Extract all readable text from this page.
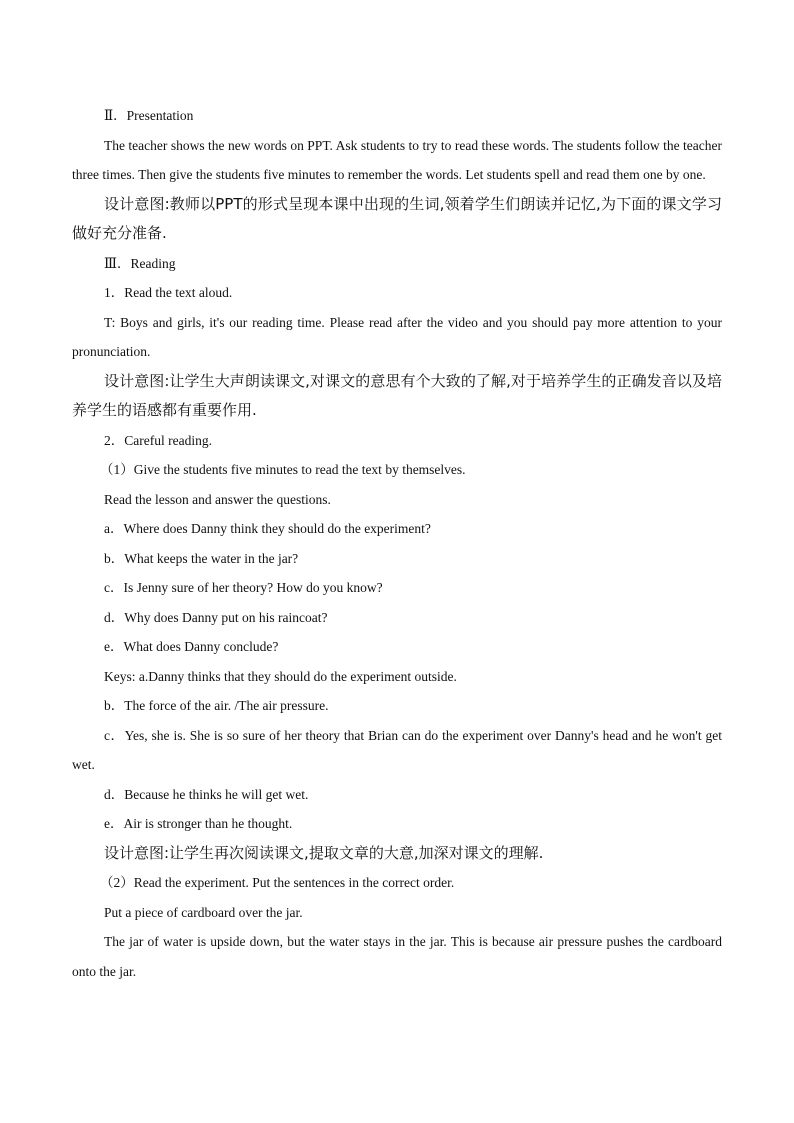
Ⅱ．Presentation

The teacher shows the new words on PPT. Ask students to try to read these words. The students follow the teacher three times. Then give the students five minutes to remember the words. Let students spell and read them one by one.

设计意图:教师以PPT的形式呈现本课中出现的生词,领着学生们朗读并记忆,为下面的课文学习做好充分准备.

Ⅲ．Reading

1．Read the text aloud.

T: Boys and girls, it's our reading time. Please read after the video and you should pay more attention to your pronunciation.

设计意图:让学生大声朗读课文,对课文的意思有个大致的了解,对于培养学生的正确发音以及培养学生的语感都有重要作用.

2．Careful reading.

（1）Give the students five minutes to read the text by themselves.

Read the lesson and answer the questions.

a．Where does Danny think they should do the experiment?

b．What keeps the water in the jar?

c．Is Jenny sure of her theory? How do you know?

d．Why does Danny put on his raincoat?

e．What does Danny conclude?

Keys: a.Danny thinks that they should do the experiment outside.

b．The force of the air. /The air pressure.

c．Yes, she is. She is so sure of her theory that Brian can do the experiment over Danny's head and he won't get wet.

d．Because he thinks he will get wet.

e．Air is stronger than he thought.

设计意图:让学生再次阅读课文,提取文章的大意,加深对课文的理解.

（2）Read the experiment. Put the sentences in the correct order.

Put a piece of cardboard over the jar.

The jar of water is upside down, but the water stays in the jar. This is because air pressure pushes the cardboard onto the jar.
